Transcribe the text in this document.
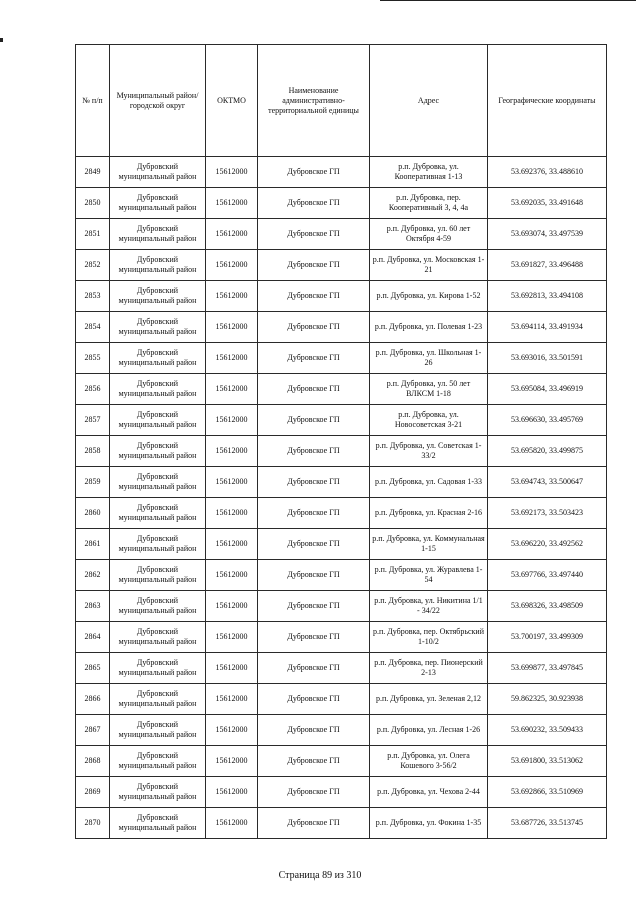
№ п/п	Муниципальный район/городской округ	ОКТМО	Наименование административно-территориальной единицы	Адрес	Географические координаты
2849	Дубровский муниципальный район	15612000	Дубровское ГП	р.п. Дубровка, ул. Кооперативная 1-13	53.692376, 33.488610
2850	Дубровский муниципальный район	15612000	Дубровское ГП	р.п. Дубровка, пер. Кооперативный 3, 4, 4а	53.692035, 33.491648
2851	Дубровский муниципальный район	15612000	Дубровское ГП	р.п. Дубровка, ул. 60 лет Октября 4-59	53.693074, 33.497539
2852	Дубровский муниципальный район	15612000	Дубровское ГП	р.п. Дубровка, ул. Московская 1-21	53.691827, 33.496488
2853	Дубровский муниципальный район	15612000	Дубровское ГП	р.п. Дубровка, ул. Кирова 1-52	53.692813, 33.494108
2854	Дубровский муниципальный район	15612000	Дубровское ГП	р.п. Дубровка, ул. Полевая 1-23	53.694114, 33.491934
2855	Дубровский муниципальный район	15612000	Дубровское ГП	р.п. Дубровка, ул. Школьная 1-26	53.693016, 33.501591
2856	Дубровский муниципальный район	15612000	Дубровское ГП	р.п. Дубровка, ул. 50 лет ВЛКСМ 1-18	53.695084, 33.496919
2857	Дубровский муниципальный район	15612000	Дубровское ГП	р.п. Дубровка, ул. Новосоветская 3-21	53.696630, 33.495769
2858	Дубровский муниципальный район	15612000	Дубровское ГП	р.п. Дубровка, ул. Советская 1-33/2	53.695820, 33.499875
2859	Дубровский муниципальный район	15612000	Дубровское ГП	р.п. Дубровка, ул. Садовая 1-33	53.694743, 33.500647
2860	Дубровский муниципальный район	15612000	Дубровское ГП	р.п. Дубровка, ул. Красная 2-16	53.692173, 33.503423
2861	Дубровский муниципальный район	15612000	Дубровское ГП	р.п. Дубровка, ул. Коммунальная 1-15	53.696220, 33.492562
2862	Дубровский муниципальный район	15612000	Дубровское ГП	р.п. Дубровка, ул. Журавлева 1-54	53.697766, 33.497440
2863	Дубровский муниципальный район	15612000	Дубровское ГП	р.п. Дубровка, ул. Никитина 1/1 - 34/22	53.698326, 33.498509
2864	Дубровский муниципальный район	15612000	Дубровское ГП	р.п. Дубровка, пер. Октябрьский 1-10/2	53.700197, 33.499309
2865	Дубровский муниципальный район	15612000	Дубровское ГП	р.п. Дубровка, пер. Пионерский 2-13	53.699877, 33.497845
2866	Дубровский муниципальный район	15612000	Дубровское ГП	р.п. Дубровка, ул. Зеленая 2,12	59.862325, 30.923938
2867	Дубровский муниципальный район	15612000	Дубровское ГП	р.п. Дубровка, ул. Лесная 1-26	53.690232, 33.509433
2868	Дубровский муниципальный район	15612000	Дубровское ГП	р.п. Дубровка, ул. Олега Кошевого 3-56/2	53.691800, 33.513062
2869	Дубровский муниципальный район	15612000	Дубровское ГП	р.п. Дубровка, ул. Чехова 2-44	53.692866, 33.510969
2870	Дубровский муниципальный район	15612000	Дубровское ГП	р.п. Дубровка, ул. Фокина 1-35	53.687726, 33.513745
Страница 89 из 310
